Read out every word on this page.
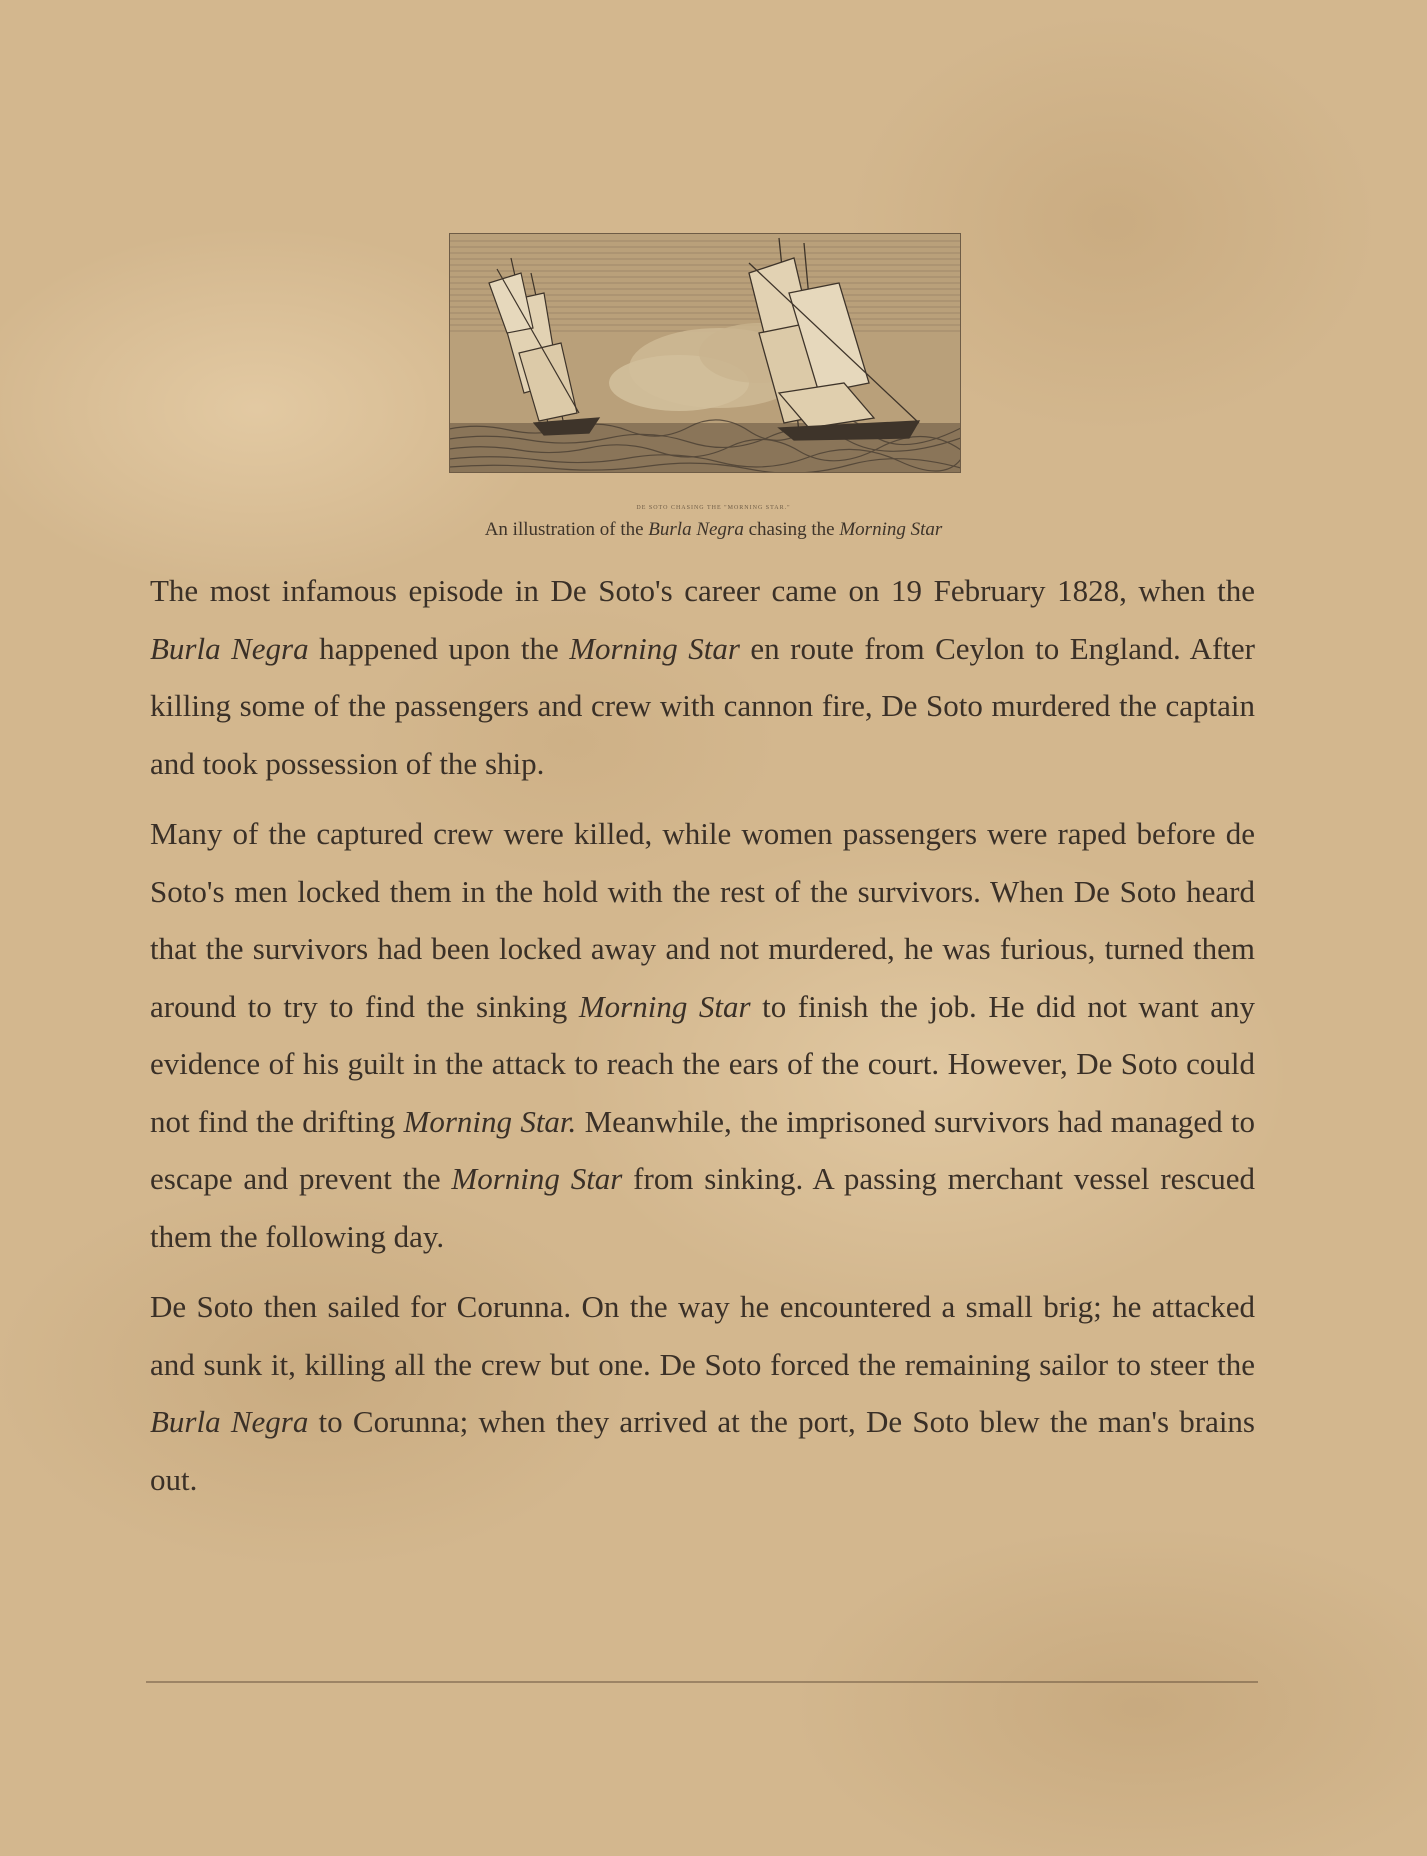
DE SOTO CHASING THE "MORNING STAR."
An illustration of the Burla Negra chasing the Morning Star

The most infamous episode in De Soto's career came on 19 February 1828, when the Burla Negra happened upon the Morning Star en route from Ceylon to England. After killing some of the passengers and crew with cannon fire, De Soto murdered the captain and took possession of the ship.

Many of the captured crew were killed, while women passengers were raped before de Soto's men locked them in the hold with the rest of the survivors. When De Soto heard that the survivors had been locked away and not murdered, he was furious, turned them around to try to find the sinking Morning Star to finish the job. He did not want any evidence of his guilt in the attack to reach the ears of the court. However, De Soto could not find the drifting Morning Star. Meanwhile, the imprisoned survivors had managed to escape and prevent the Morning Star from sinking. A passing merchant vessel rescued them the following day.

De Soto then sailed for Corunna. On the way he encountered a small brig; he attacked and sunk it, killing all the crew but one. De Soto forced the remaining sailor to steer the Burla Negra to Corunna; when they arrived at the port, De Soto blew the man's brains out.
